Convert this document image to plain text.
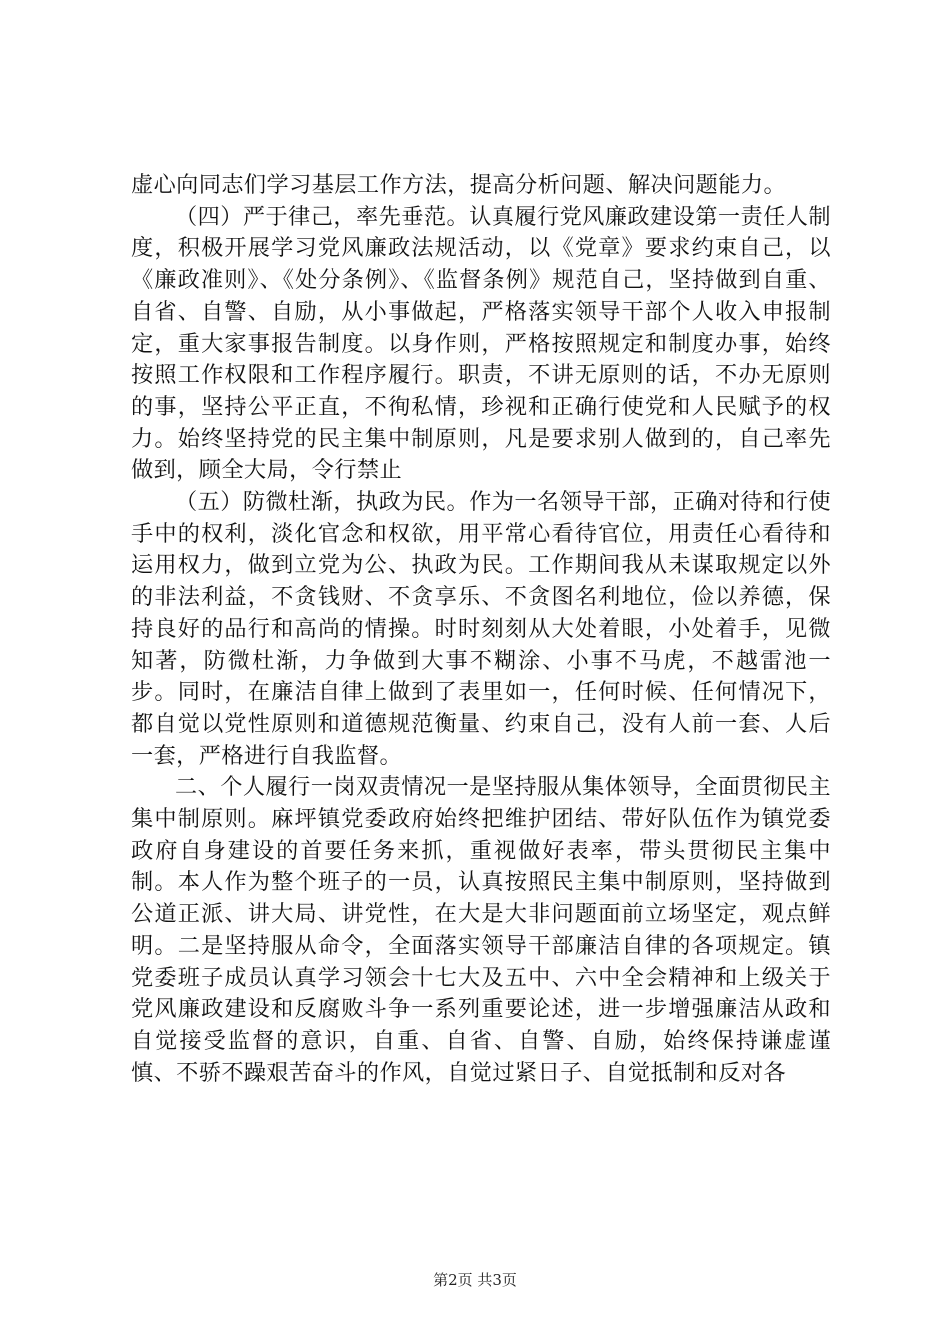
虚心向同志们学习基层工作方法，提高分析问题、解决问题能力。

（四）严于律己，率先垂范。认真履行党风廉政建设第一责任人制度，积极开展学习党风廉政法规活动，以《党章》要求约束自己，以《廉政准则》、《处分条例》、《监督条例》规范自己，坚持做到自重、自省、自警、自励，从小事做起，严格落实领导干部个人收入申报制定，重大家事报告制度。以身作则，严格按照规定和制度办事，始终按照工作权限和工作程序履行。职责，不讲无原则的话，不办无原则的事，坚持公平正直，不徇私情，珍视和正确行使党和人民赋予的权力。始终坚持党的民主集中制原则，凡是要求别人做到的，自己率先做到，顾全大局，令行禁止

（五）防微杜渐，执政为民。作为一名领导干部，正确对待和行使手中的权利，淡化官念和权欲，用平常心看待官位，用责任心看待和运用权力，做到立党为公、执政为民。工作期间我从未谋取规定以外的非法利益，不贪钱财、不贪享乐、不贪图名利地位，俭以养德，保持良好的品行和高尚的情操。时时刻刻从大处着眼，小处着手，见微知著，防微杜渐，力争做到大事不糊涂、小事不马虎，不越雷池一步。同时，在廉洁自律上做到了表里如一，任何时候、任何情况下，都自觉以党性原则和道德规范衡量、约束自己，没有人前一套、人后一套，严格进行自我监督。

二、个人履行一岗双责情况一是坚持服从集体领导，全面贯彻民主集中制原则。麻坪镇党委政府始终把维护团结、带好队伍作为镇党委政府自身建设的首要任务来抓，重视做好表率，带头贯彻民主集中制。本人作为整个班子的一员，认真按照民主集中制原则，坚持做到公道正派、讲大局、讲党性，在大是大非问题面前立场坚定，观点鲜明。二是坚持服从命令，全面落实领导干部廉洁自律的各项规定。镇党委班子成员认真学习领会十七大及五中、六中全会精神和上级关于党风廉政建设和反腐败斗争一系列重要论述，进一步增强廉洁从政和自觉接受监督的意识，自重、自省、自警、自励，始终保持谦虚谨慎、不骄不躁艰苦奋斗的作风，自觉过紧日子、自觉抵制和反对各

第2页 共3页
